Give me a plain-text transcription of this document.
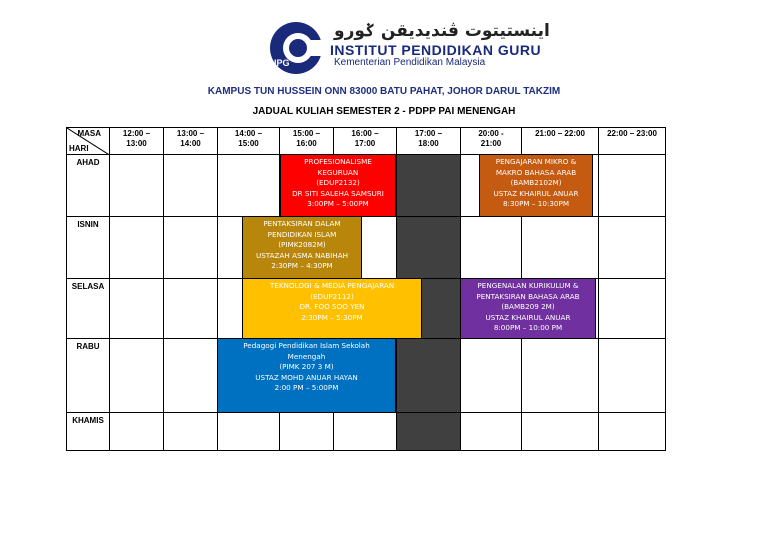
IPG
اينستيتوت ڤنديديقن ݢورو
INSTITUT PENDIDIKAN GURU
Kementerian Pendidikan Malaysia
KAMPUS TUN HUSSEIN ONN 83000 BATU PAHAT, JOHOR DARUL TAKZIM
JADUAL KULIAH SEMESTER 2 - PDPP PAI MENENGAH
MASA
HARI
12:00 –
13:00
13:00 –
14:00
14:00 –
15:00
15:00 –
16:00
16:00 –
17:00
17:00 –
18:00
20:00 -
21:00
21:00 – 22:00	22:00 – 23:00
AHAD
ISNIN
SELASA
RABU
KHAMIS
PROFESIONALISME
KEGURUAN
(EDUP2132)
DR SITI SALEHA SAMSURI
3:00PM – 5:00PM
PENGAJARAN MIKRO &
MAKRO BAHASA ARAB
(BAMB2102M)
USTAZ KHAIRUL ANUAR
8:30PM – 10:30PM
PENTAKSIRAN DALAM
PENDIDIKAN ISLAM
(PIMK2082M)
USTAZAH ASMA NABIHAH
2:30PM – 4:30PM
TEKNOLOGI & MEDIA PENGAJARAN
(EDUP2112)
DR. FOO SOO YEN
2:30PM – 5:30PM
PENGENALAN KURIKULUM &
PENTAKSIRAN BAHASA ARAB
(BAMB209 2M)
USTAZ KHAIRUL ANUAR
8:00PM – 10:00 PM
Pedagogi Pendidikan Islam Sekolah
Menengah
(PIMK 207 3 M)
USTAZ MOHD ANUAR HAYAN
2:00 PM – 5:00PM
